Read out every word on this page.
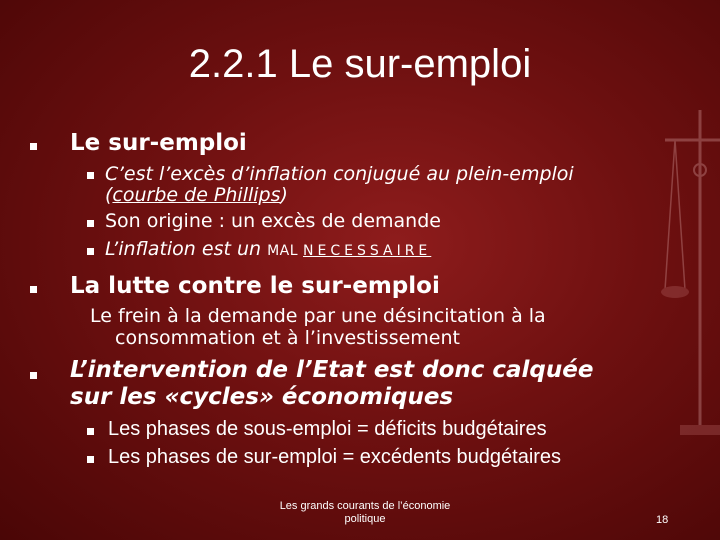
2.2.1 Le sur-emploi
Le sur-emploi
C’est l’excès d’inflation conjugué au plein-emploi
(courbe de Phillips)
Son origine : un excès de demande
L’inflation est un MAL NECESSAIRE
La lutte contre le sur-emploi
Le frein à la demande par une désincitation à la
consommation et à l’investissement
L’intervention de l’Etat est donc calquée
sur les «cycles» économiques
Les phases de sous-emploi = déficits budgétaires
Les phases de sur-emploi = excédents budgétaires
Les grands courants de l’économie
politique	18
